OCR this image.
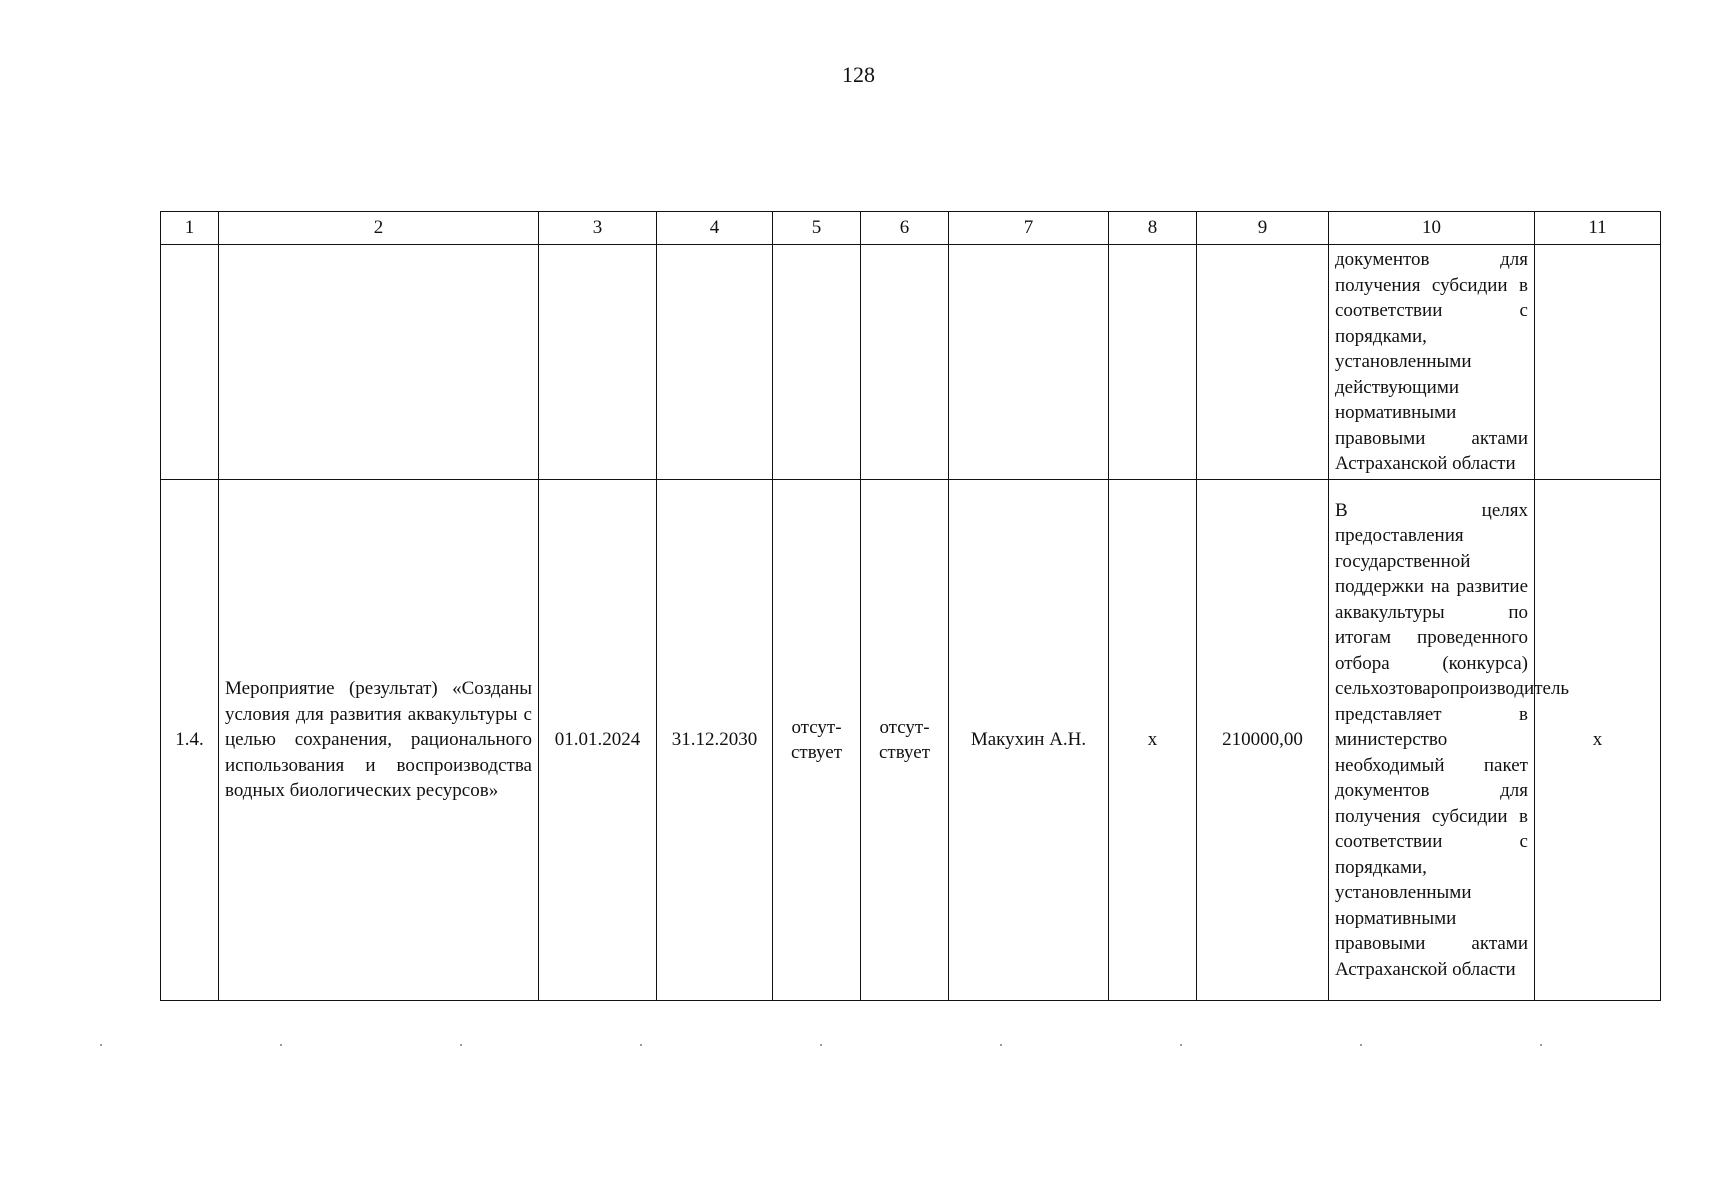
128
1	2	3	4	5	6	7	8	9	10	11
									документов для получения субсидии в соответствии с порядками, установленными действующими нормативными правовыми актами Астраханской области	
1.4.	Мероприятие (результат) «Созданы условия для развития аквакультуры с целью сохранения, рационального использования и воспроизводства водных биологических ресурсов»	01.01.2024	31.12.2030	отсут-ствует	отсут-ствует	Макухин А.Н.	x	210000,00	В целях предоставления государственной поддержки на развитие аквакультуры по итогам проведенного отбора (конкурса) сельхозтоваропроизводитель представляет в министерство необходимый пакет документов для получения субсидии в соответствии с порядками, установленными нормативными правовыми актами Астраханской области	x
